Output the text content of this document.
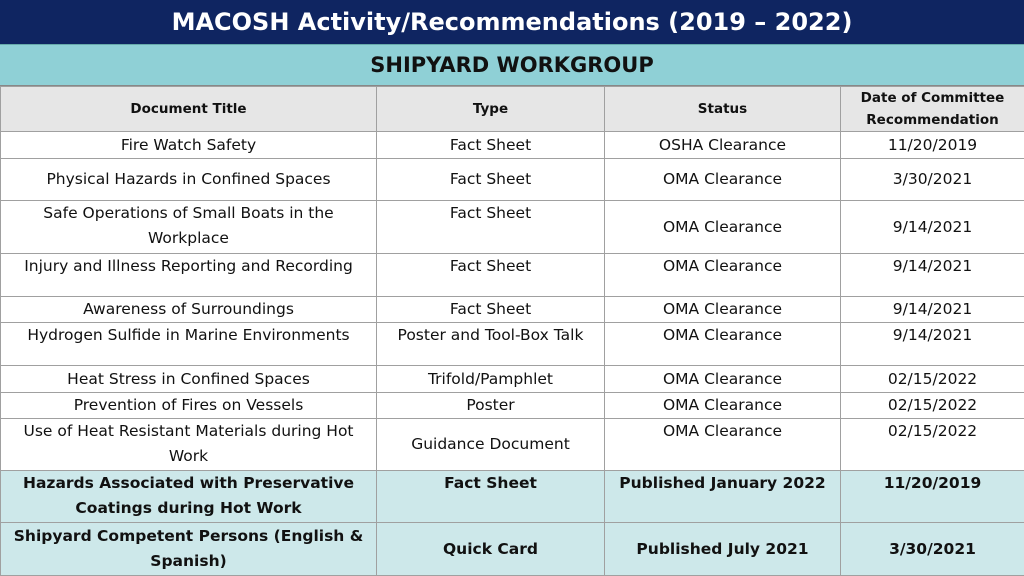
MACOSH Activity/Recommendations (2019 – 2022)
SHIPYARD WORKGROUP
Document Title	Type	Status	Date of Committee
Recommendation
Fire Watch Safety	Fact Sheet	OSHA Clearance	11/20/2019
Physical Hazards in Confined Spaces	Fact Sheet	OMA Clearance	3/30/2021
Safe Operations of Small Boats in the Workplace	Fact Sheet	OMA Clearance	9/14/2021
Injury and Illness Reporting and Recording	Fact Sheet	OMA Clearance	9/14/2021
Awareness of Surroundings	Fact Sheet	OMA Clearance	9/14/2021
Hydrogen Sulfide in Marine Environments	Poster and Tool-Box Talk	OMA Clearance	9/14/2021
Heat Stress in Confined Spaces	Trifold/Pamphlet	OMA Clearance	02/15/2022
Prevention of Fires on Vessels	Poster	OMA Clearance	02/15/2022
Use of Heat Resistant Materials during Hot Work	Guidance Document	OMA Clearance	02/15/2022
Hazards Associated with Preservative Coatings during Hot Work	Fact Sheet	Published January 2022	11/20/2019
Shipyard Competent Persons (English & Spanish)	Quick Card	Published July 2021	3/30/2021
